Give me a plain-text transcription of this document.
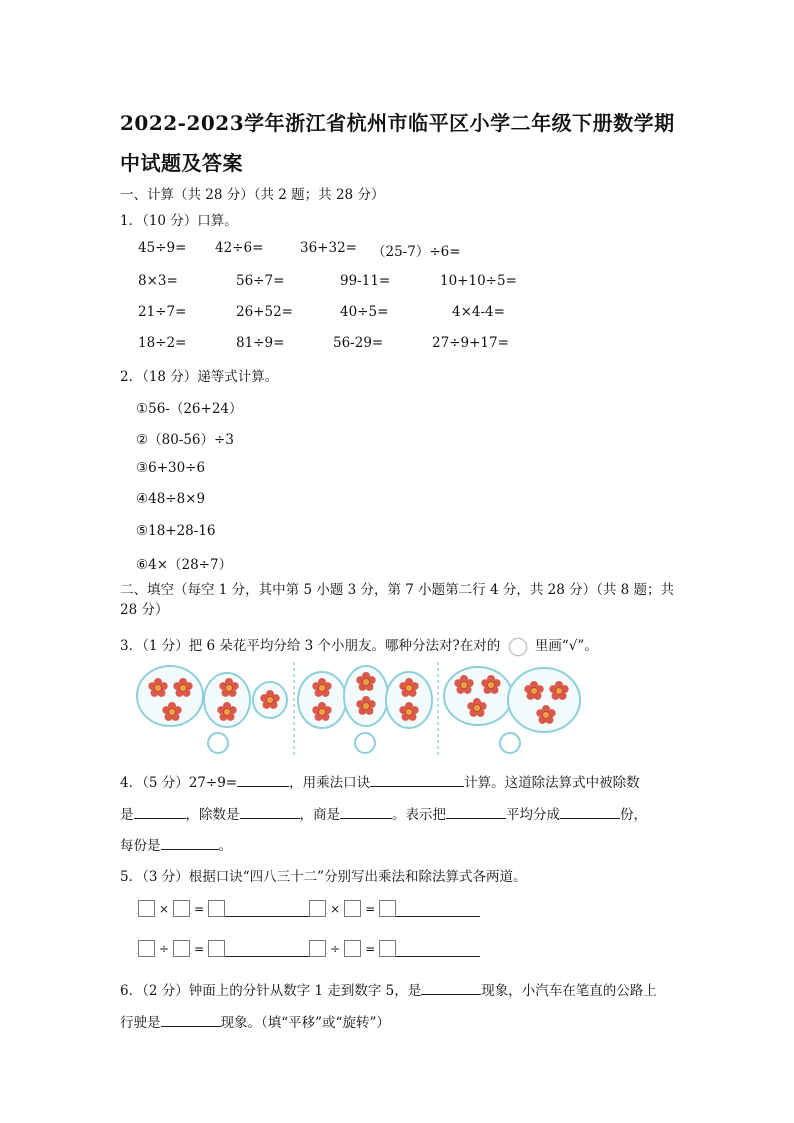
2022-2023学年浙江省杭州市临平区小学二年级下册数学期
中试题及答案
一、计算（共 28 分）（共 2 题；共 28 分）
1．（10 分）口算。
45÷9= 42÷6=	36+32= （25-7）÷6=
8×3=	56÷7=	99-11=	10+10÷5=
21÷7=	26+52=	40÷5=	4×4-4=
18÷2=	81÷9=	56-29=	27÷9+17=
2．（18 分）递等式计算。
①56-（26+24）
②（80-56）÷3
③6+30÷6
④48÷8×9
⑤18+28-16
⑥4×（28÷7）
二、填空（每空 1 分，其中第 5 小题 3 分，第 7 小题第二行 4 分，共 28 分）（共 8 题；共
28 分）
3．（1 分）把 6 朵花平均分给 3 个小朋友。哪种分法对?在对的	里画“√”。
4．（5 分）27÷9=	，用乘法口诀	计算。这道除法算式中被除数
是	，除数是	，商是	。表示把	平均分成	份，
每份是	。
5．（3 分）根据口诀“四八三十二”分别写出乘法和除法算式各两道。
× =	× =
÷ =	÷ =
6．（2 分）钟面上的分针从数字 1 走到数字 5，是	现象，小汽车在笔直的公路上
行驶是	现象。（填“平移”或“旋转”）
